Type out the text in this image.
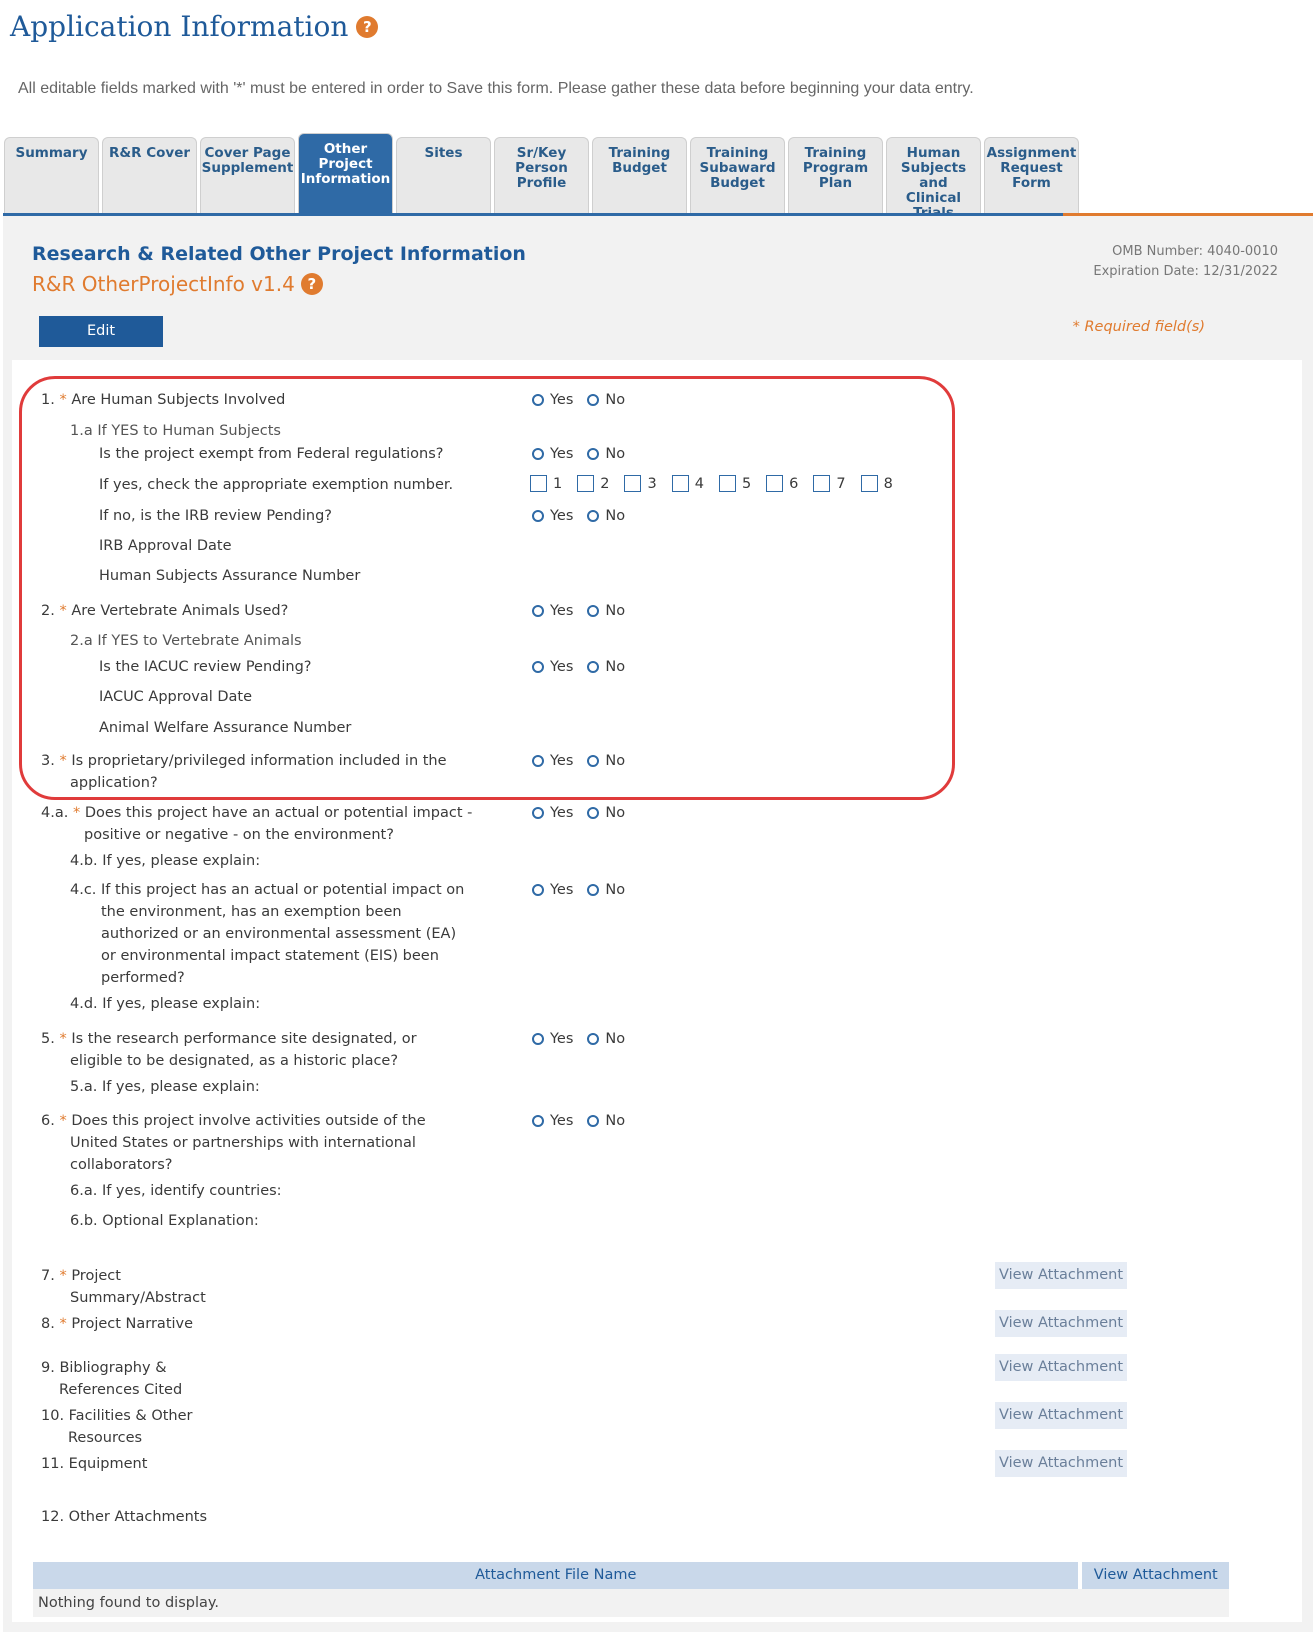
Application Information ?
All editable fields marked with '*' must be entered in order to Save this form. Please gather these data before beginning your data entry.
Summary	R&R Cover	Cover Page
Supplement
Other
Project
Information
Sites	Sr/Key
Person
Profile
Training
Budget
Training
Subaward
Budget
Training
Program Plan
Human
Subjects and
Clinical
Assignment
Request
Form
Research & Related Other Project Information
R&R OtherProjectInfo v1.4 ?
OMB Number: 4040-0010
Expiration Date: 12/31/2022
Edit	* Required field(s)
1. * Are Human Subjects Involved	Yes No
1.a If YES to Human Subjects
Is the project exempt from Federal regulations?	Yes No
If yes, check the appropriate exemption number.	1	2	3	4	5	6	7	8
If no, is the IRB review Pending?	Yes No
IRB Approval Date
Human Subjects Assurance Number
2. * Are Vertebrate Animals Used?	Yes No
2.a If YES to Vertebrate Animals
Is the IACUC review Pending?	Yes No
IACUC Approval Date
Animal Welfare Assurance Number
3. * Is proprietary/privileged information included in the
application?
Yes No
4.a. * Does this project have an actual or potential impact -
positive or negative - on the environment?
Yes No
4.b. If yes, please explain:
4.c. If this project has an actual or potential impact on
the environment, has an exemption been
authorized or an environmental assessment (EA)
or environmental impact statement (EIS) been
performed?
Yes No
4.d. If yes, please explain:
5. * Is the research performance site designated, or
eligible to be designated, as a historic place?
Yes No
5.a. If yes, please explain:
6. * Does this project involve activities outside of the
United States or partnerships with international
collaborators?
Yes No
6.a. If yes, identify countries:
6.b. Optional Explanation:
7. * Project
Summary/Abstract
View Attachment
8. * Project Narrative	View Attachment
9. Bibliography &
References Cited
View Attachment
10. Facilities & Other
Resources
View Attachment
11. Equipment	View Attachment
12. Other Attachments
Attachment File Name	View Attachment
Nothing found to display.
